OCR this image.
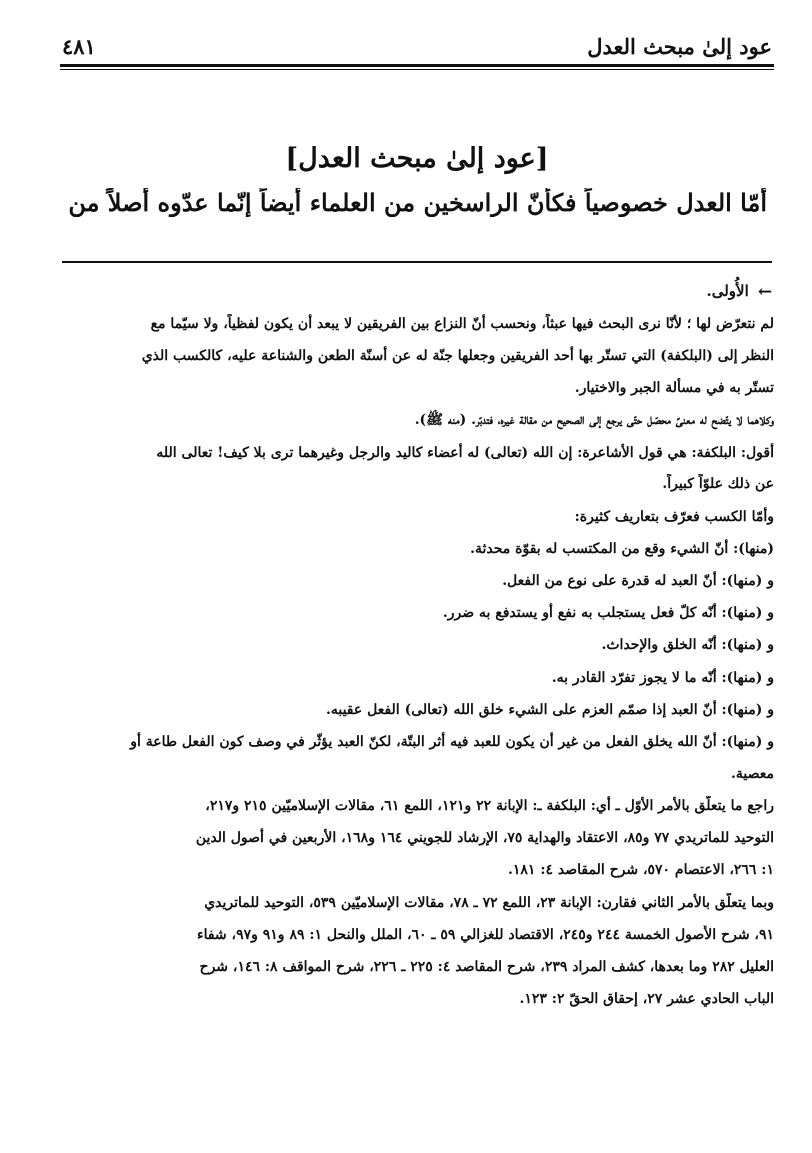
عود إلىٰ مبحث العدل
٤٨١
[عود إلىٰ مبحث العدل]
أمّا العدل خصوصياً فكأنّ الراسخين من العلماء أيضاً إنّما عدّوه أصلاً من
← الأُولى.
لم نتعرّض لها ؛ لأنّا نرى البحث فيها عبثاً، ونحسب أنّ النزاع بين الفريقين لا يبعد أن يكون لفظياً، ولا سيّما مع
النظر إلى (البلكفة) التي تستّر بها أحد الفريقين وجعلها جنّة له عن أسنّة الطعن والشناعة عليه، كالكسب الذي
تستّر به في مسألة الجبر والاختيار.
وكلاهما لا يتّضح له معنىً محصّل حتّى يرجع إلى الصحيح من مقالة غيره، فتدبّر. (منه ﷺ).
أقول: البلكفة: هي قول الأشاعرة: إن الله (تعالى) له أعضاء كاليد والرجل وغيرهما ترى بلا كيف! تعالى الله
عن ذلك علوّاً كبيراً.
وأمّا الكسب فعرّف بتعاريف كثيرة:
(منها): أنّ الشيء وقع من المكتسب له بقوّة محدثة.
و (منها): أنّ العبد له قدرة على نوع من الفعل.
و (منها): أنّه كلّ فعل يستجلب به نفع أو يستدفع به ضرر.
و (منها): أنّه الخلق والإحداث.
و (منها): أنّه ما لا يجوز تفرّد القادر به.
و (منها): أنّ العبد إذا صمّم العزم على الشيء خلق الله (تعالى) الفعل عقيبه.
و (منها): أنّ الله يخلق الفعل من غير أن يكون للعبد فيه أثر البتّة، لكنّ العبد يؤثّر في وصف كون الفعل طاعة أو
معصية.
راجع ما يتعلّق بالأمر الأوّل ـ أي: البلكفة ـ: الإبانة ٢٢ و١٢١، اللمع ٦١، مقالات الإسلاميّين ٢١٥ و٢١٧،
التوحيد للماتريدي ٧٧ و٨٥، الاعتقاد والهداية ٧٥، الإرشاد للجويني ١٦٤ و١٦٨، الأربعين في أُصول الدين
١: ٢٦٦، الاعتصام ٥٧٠، شرح المقاصد ٤: ١٨١.
وبما يتعلّق بالأمر الثاني فقارن: الإبانة ٢٣، اللمع ٧٢ ـ ٧٨، مقالات الإسلاميّين ٥٣٩، التوحيد للماتريدي
٩١، شرح الأُصول الخمسة ٢٤٤ و٢٤٥، الاقتصاد للغزالي ٥٩ ـ ٦٠، الملل والنحل ١: ٨٩ و٩١ و٩٧، شفاء
العليل ٢٨٢ وما بعدها، كشف المراد ٢٣٩، شرح المقاصد ٤: ٢٢٥ ـ ٢٢٦، شرح المواقف ٨: ١٤٦، شرح
الباب الحادي عشر ٢٧، إحقاق الحقّ ٢: ١٢٣.
